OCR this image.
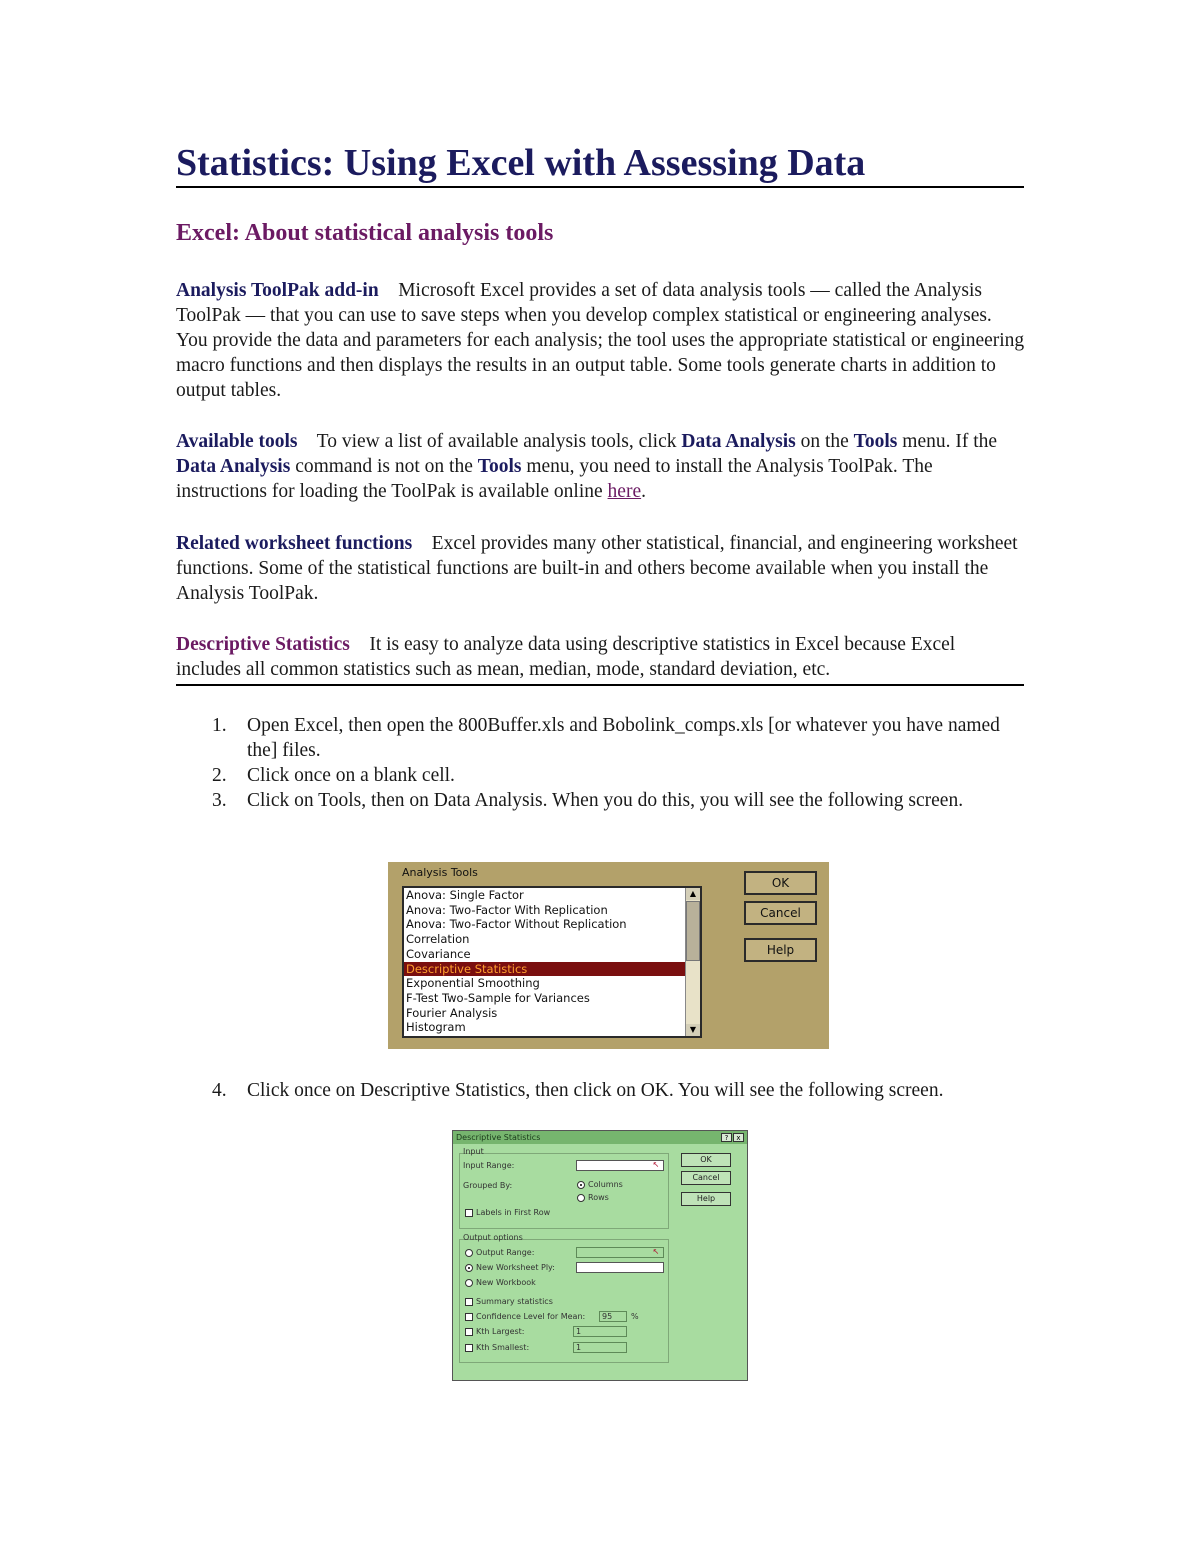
Statistics: Using Excel with Assessing Data
Excel: About statistical analysis tools
Analysis ToolPak add-in Microsoft Excel provides a set of data analysis tools — called the Analysis ToolPak — that you can use to save steps when you develop complex statistical or engineering analyses. You provide the data and parameters for each analysis; the tool uses the appropriate statistical or engineering macro functions and then displays the results in an output table. Some tools generate charts in addition to output tables.
Available tools To view a list of available analysis tools, click Data Analysis on the Tools menu. If the Data Analysis command is not on the Tools menu, you need to install the Analysis ToolPak. The instructions for loading the ToolPak is available online here.
Related worksheet functions Excel provides many other statistical, financial, and engineering worksheet functions. Some of the statistical functions are built-in and others become available when you install the Analysis ToolPak.
Descriptive Statistics It is easy to analyze data using descriptive statistics in Excel because Excel includes all common statistics such as mean, median, mode, standard deviation, etc.
1. Open Excel, then open the 800Buffer.xls and Bobolink_comps.xls [or whatever you have named the] files.
2. Click once on a blank cell.
3. Click on Tools, then on Data Analysis. When you do this, you will see the following screen.
Analysis Tools
Anova: Single Factor
Anova: Two-Factor With Replication
Anova: Two-Factor Without Replication
Correlation
Covariance
Descriptive Statistics
Exponential Smoothing
F-Test Two-Sample for Variances
Fourier Analysis
Histogram
▲
▼
OK
Cancel
Help
4. Click once on Descriptive Statistics, then click on OK. You will see the following screen.
Descriptive Statistics	?	x
Input
Input Range:	↖
Grouped By:	Columns
Rows
Labels in First Row
Output options
Output Range:	↖
New Worksheet Ply:
New Workbook
Summary statistics
Confidence Level for Mean:	95	%
Kth Largest:	1
Kth Smallest:	1
OK
Cancel
Help
